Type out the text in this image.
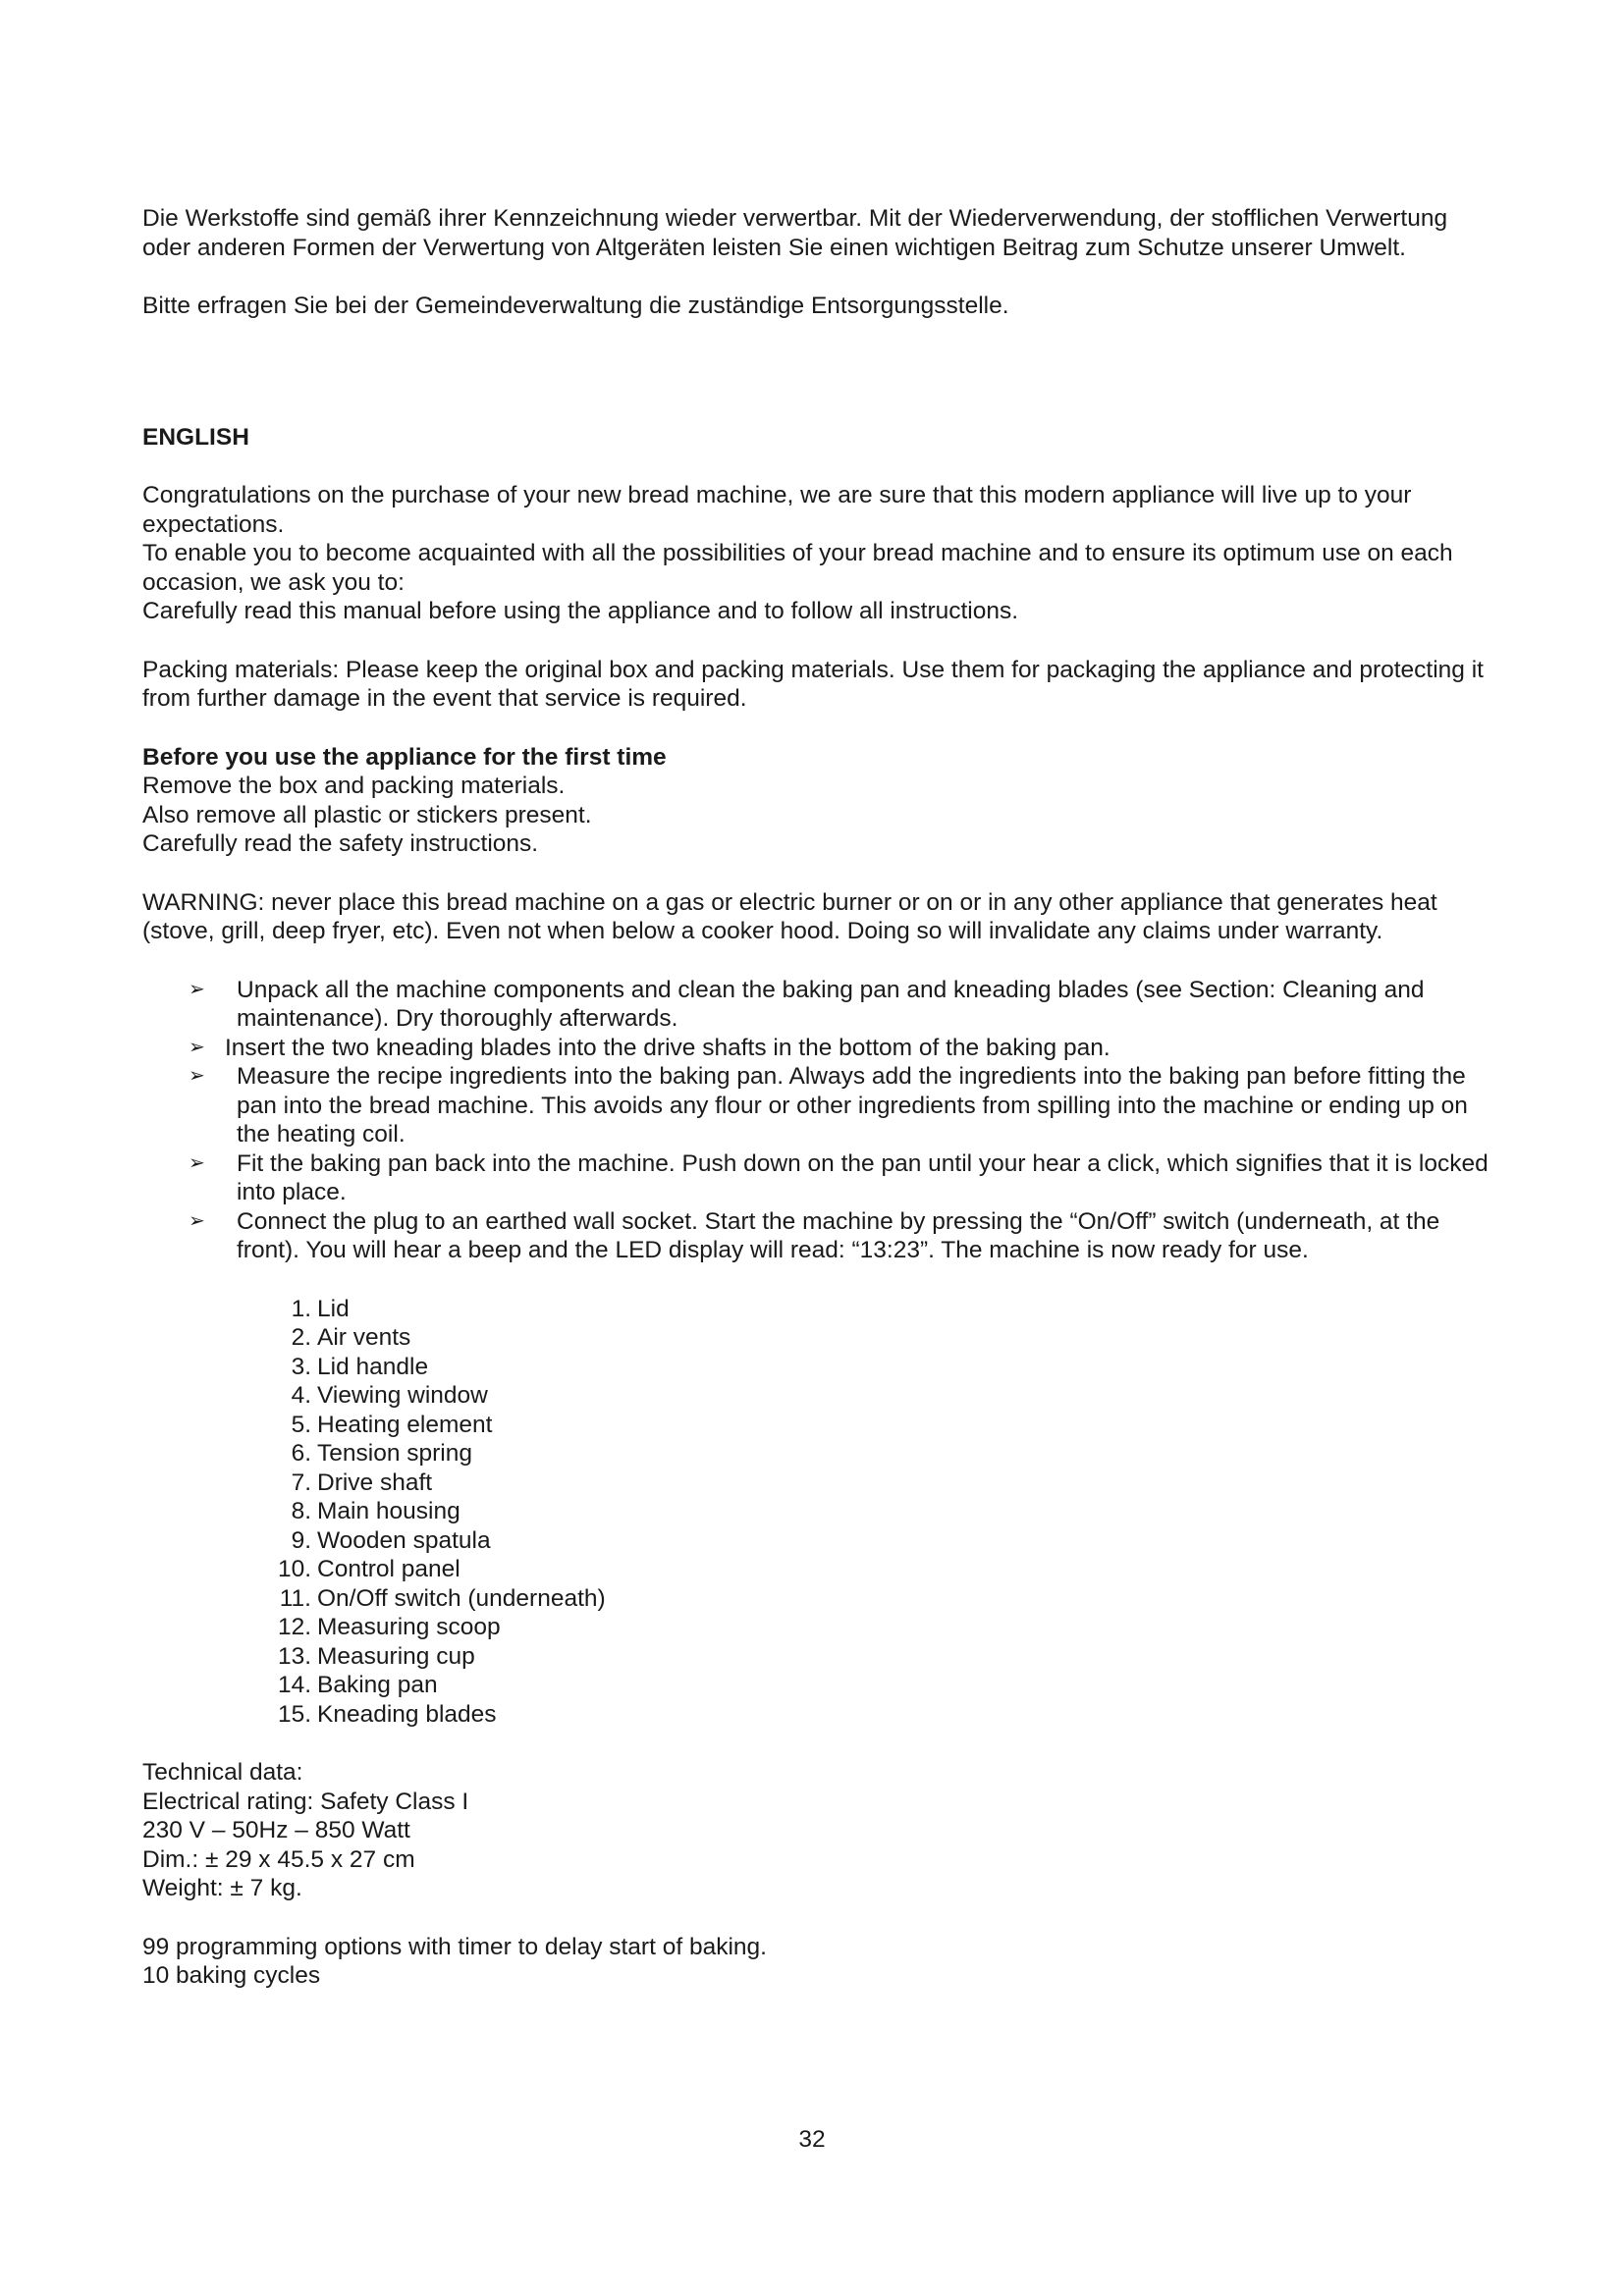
Die Werkstoffe sind gemäß ihrer Kennzeichnung wieder verwertbar. Mit der Wiederverwendung, der stofflichen Verwertung oder anderen Formen der Verwertung von Altgeräten leisten Sie einen wichtigen Beitrag zum Schutze unserer Umwelt.

Bitte erfragen Sie bei der Gemeindeverwaltung die zuständige Entsorgungsstelle.

ENGLISH

Congratulations on the purchase of your new bread machine, we are sure that this modern appliance will live up to your expectations.

To enable you to become acquainted with all the possibilities of your bread machine and to ensure its optimum use on each occasion, we ask you to:

Carefully read this manual before using the appliance and to follow all instructions.

Packing materials: Please keep the original box and packing materials. Use them for packaging the appliance and protecting it from further damage in the event that service is required.

Before you use the appliance for the first time

Remove the box and packing materials.

Also remove all plastic or stickers present.

Carefully read the safety instructions.

WARNING: never place this bread machine on a gas or electric burner or on or in any other appliance that generates heat (stove, grill, deep fryer, etc). Even not when below a cooker hood. Doing so will invalidate any claims under warranty.

➢ Unpack all the machine components and clean the baking pan and kneading blades (see Section: Cleaning and maintenance). Dry thoroughly afterwards.
➢ Insert the two kneading blades into the drive shafts in the bottom of the baking pan.
➢ Measure the recipe ingredients into the baking pan. Always add the ingredients into the baking pan before fitting the pan into the bread machine. This avoids any flour or other ingredients from spilling into the machine or ending up on the heating coil.
➢ Fit the baking pan back into the machine. Push down on the pan until your hear a click, which signifies that it is locked into place.
➢ Connect the plug to an earthed wall socket. Start the machine by pressing the “On/Off” switch (underneath, at the front). You will hear a beep and the LED display will read: “13:23”. The machine is now ready for use.
1. Lid
2. Air vents
3. Lid handle
4. Viewing window
5. Heating element
6. Tension spring
7. Drive shaft
8. Main housing
9. Wooden spatula
10. Control panel
11. On/Off switch (underneath)
12. Measuring scoop
13. Measuring cup
14. Baking pan
15. Kneading blades

Technical data:

Electrical rating: Safety Class I

230 V – 50Hz – 850 Watt

Dim.: ± 29 x 45.5 x 27 cm

Weight: ± 7 kg.

99 programming options with timer to delay start of baking.

10 baking cycles

32
